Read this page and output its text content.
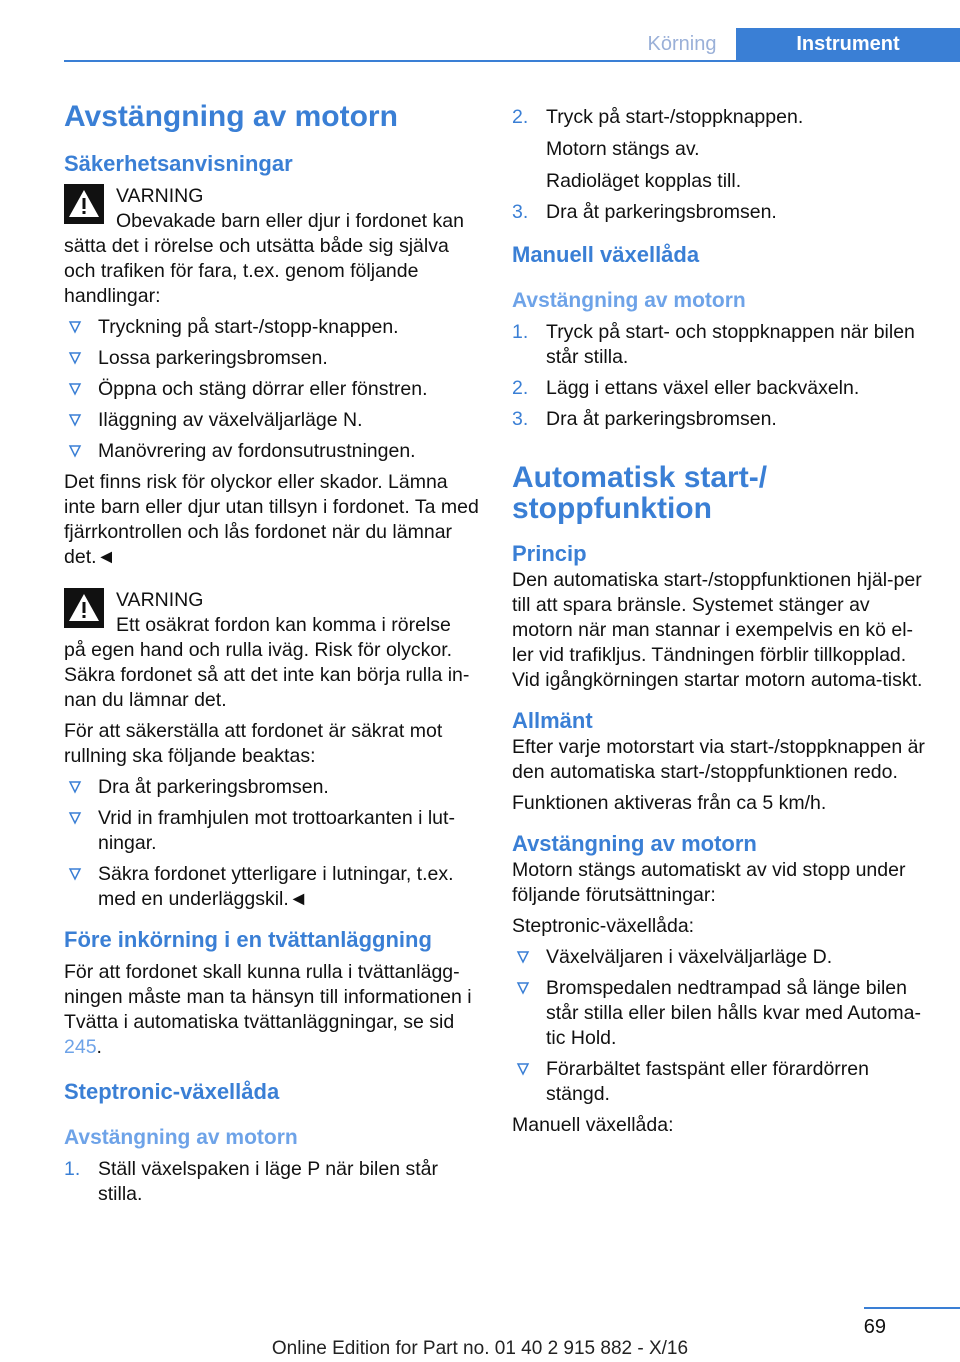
Körning	Instrument
Avstängning av motorn
Säkerhetsanvisningar
VARNING
Obevakade barn eller djur i fordonet kan
sätta det i rörelse och utsätta både sig själva och trafiken för fara, t.ex. genom följande handlingar:
Tryckning på start-/stopp-knappen.
Lossa parkeringsbromsen.
Öppna och stäng dörrar eller fönstren.
Iläggning av växelväljarläge N.
Manövrering av fordonsutrustningen.

Det finns risk för olyckor eller skador. Lämna inte barn eller djur utan tillsyn i fordonet. Ta med fjärrkontrollen och lås fordonet när du lämnar det.◄

VARNING
Ett osäkrat fordon kan komma i rörelse
på egen hand och rulla iväg. Risk för olyckor. Säkra fordonet så att det inte kan börja rulla in-nan du lämnar det.

För att säkerställa att fordonet är säkrat mot rullning ska följande beaktas:

Dra åt parkeringsbromsen.
Vrid in framhjulen mot trottoarkanten i lut-ningar.
Säkra fordonet ytterligare i lutningar, t.ex. med en underläggskil.◄
Före inkörning i en tvättanläggning

För att fordonet skall kunna rulla i tvättanlägg-ningen måste man ta hänsyn till informationen i Tvätta i automatiska tvättanläggningar, se sid 245.

Steptronic-växellåda
Avstängning av motorn
1. Ställ växelspaken i läge P när bilen står stilla.
2. Tryck på start-/stoppknappen.
Motorn stängs av.
Radioläget kopplas till.
3. Dra åt parkeringsbromsen.
Manuell växellåda
Avstängning av motorn
1. Tryck på start- och stoppknappen när bilen står stilla.
2. Lägg i ettans växel eller backväxeln.
3. Dra åt parkeringsbromsen.
Automatisk start-/ stoppfunktion
Princip

Den automatiska start-/stoppfunktionen hjäl-per till att spara bränsle. Systemet stänger av motorn när man stannar i exempelvis en kö el-ler vid trafikljus. Tändningen förblir tillkopplad. Vid igångkörningen startar motorn automa-tiskt.

Allmänt

Efter varje motorstart via start-/stoppknappen är den automatiska start-/stoppfunktionen redo.

Funktionen aktiveras från ca 5 km/h.

Avstängning av motorn

Motorn stängs automatiskt av vid stopp under följande förutsättningar:

Steptronic-växellåda:

Växelväljaren i växelväljarläge D.
Bromspedalen nedtrampad så länge bilen står stilla eller bilen hålls kvar med Automa-tic Hold.
Förarbältet fastspänt eller förardörren stängd.

Manuell växellåda:

69
Online Edition for Part no. 01 40 2 915 882 - X/16
